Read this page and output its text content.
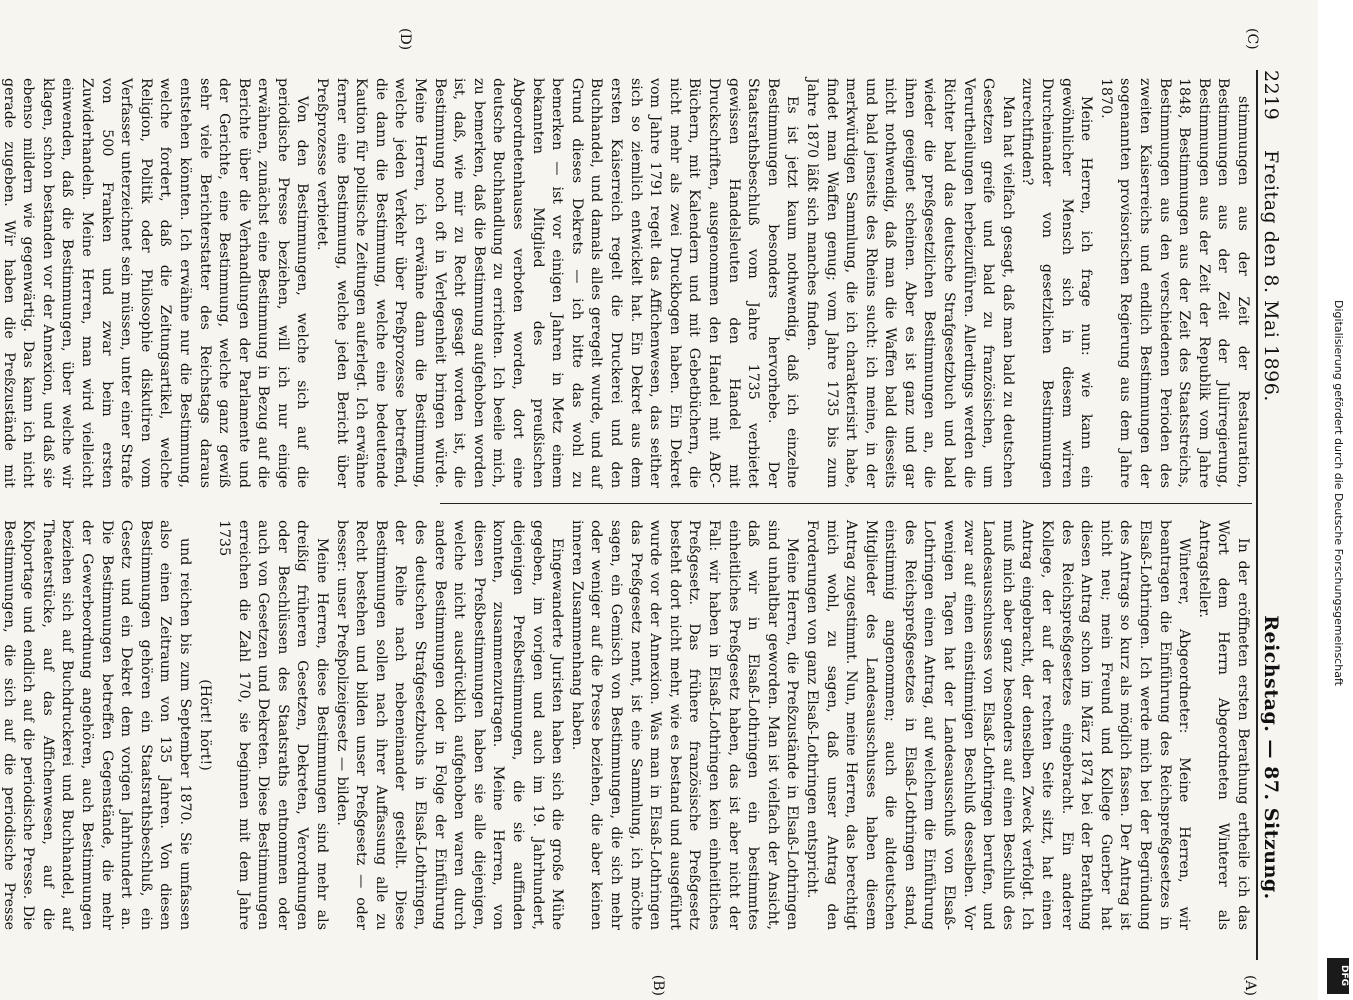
2219
Freitag den 8. Mai 1896.
Reichstag. — 87. Sitzung.
(C)
(D)
(A)
(B)

stimmungen aus der Zeit der Restauration, Bestimmungen aus der Zeit der Julirregierung, Bestimmungen aus der Zeit der Republik vom Jahre 1848, Bestimmungen aus der Zeit des Staatsstreichs, Bestimmungen aus den verschiedenen Perioden des zweiten Kaiserreichs und endlich Bestimmungen der sogenannten provisorischen Regierung aus dem Jahre 1870.

Meine Herren, ich frage nun: wie kann ein gewöhnlicher Mensch sich in diesem wirren Durcheinander von gesetzlichen Bestimmungen zurechtfinden?

Man hat vielfach gesagt, daß man bald zu deutschen Gesetzen greife und bald zu französischen, um Verurtheilungen herbeizuführen. Allerdings werden die Richter bald das deutsche Strafgesetzbuch und bald wieder die preßgesetzlichen Bestimmungen an, die ihnen geeignet scheinen. Aber es ist ganz und gar nicht nothwendig, daß man die Waffen bald diesseits und bald jenseits des Rheins sucht: ich meine, in der merkwürdigen Sammlung, die ich charakterisirt habe, findet man Waffen genug; vom Jahre 1735 bis zum Jahre 1870 läßt sich manches finden.

Es ist jetzt kaum nothwendig, daß ich einzelne Bestimmungen besonders hervorhebe. Der Staatsrathsbeschluß vom Jahre 1735 verbietet gewissen Handelsleuten den Handel mit Druckschriften, ausgenommen den Handel mit ABC-Büchern, mit Kalendern und mit Gebetbüchern, die nicht mehr als zwei Druckbogen haben. Ein Dekret vom Jahre 1791 regelt das Affichenwesen, das seither sich so ziemlich entwickelt hat. Ein Dekret aus dem ersten Kaiserreich regelt die Druckerei und den Buchhandel, und damals alles geregelt wurde, und auf Grund dieses Dekrets — ich bitte das wohl zu bemerken — ist vor einigen Jahren in Metz einem bekannten Mitglied des preußischen Abgeordnetenhauses verboten worden, dort eine deutsche Buchhandlung zu errichten. Ich beeile mich, zu bemerken, daß die Bestimmung aufgehoben worden ist, daß, wie mir zu Recht gesagt worden ist, die Bestimmung noch oft in Verlegenheit bringen würde. Meine Herren, ich erwähne dann die Bestimmung, welche jeden Verkehr über Preßprozesse betreffend, die dann die Bestimmung, welche eine bedeutende Kaution für politische Zeitungen auferlegt. Ich erwähne ferner eine Bestimmung, welche jeden Bericht über Preßprozesse verbietet.

Von den Bestimmungen, welche sich auf die periodische Presse beziehen, will ich nur einige erwähnen, zunächst eine Bestimmung in Bezug auf die Berichte über die Verhandlungen der Parlamente und der Gerichte, eine Bestimmung, welche ganz gewiß sehr viele Berichterstatter des Reichstags daraus entstehen könnten. Ich erwähne nur die Bestimmung, welche fordert, daß die Zeitungsartikel, welche Religion, Politik oder Philosophie diskutiren vom Verfasser unterzeichnet sein müssen, unter einer Strafe von 500 Franken und zwar beim ersten Zuwiderhandeln. Meine Herren, man wird vielleicht einwenden, daß die Bestimmungen, über welche wir klagen, schon bestanden vor der Annexion, und daß sie ebenso mildern wie gegenwärtig. Das kann ich nicht gerade zugeben. Wir haben die Preßzustände mit

In der eröffneten ersten Berathung ertheile ich das Wort dem Herrn Abgeordneten Winterer als Antragsteller.

Winterer, Abgeordneter: Meine Herren, wir beantragen die Einführung des Reichspreßgesetzes in Elsaß-Lothringen. Ich werde mich bei der Begründung des Antrags so kurz als möglich fassen. Der Antrag ist nicht neu; mein Freund und Kollege Guerber hat diesen Antrag schon im März 1874 bei der Berathung des Reichspreßgesetzes eingebracht. Ein anderer Kollege, der auf der rechten Seite sitzt, hat einen Antrag eingebracht, der denselben Zweck verfolgt. Ich muß mich aber ganz besonders auf einen Beschluß des Landesausschusses von Elsaß-Lothringen berufen, und zwar auf einen einstimmigen Beschluß desselben. Vor wenigen Tagen hat der Landesausschuß von Elsaß-Lothringen einen Antrag, auf welchem die Einführung des Reichspreßgesetzes in Elsaß-Lothringen stand, einstimmig angenommen; auch die altdeutschen Mitglieder des Landesausschusses haben diesem Antrag zugestimmt. Nun, meine Herren, das berechtigt mich wohl, zu sagen, daß unser Antrag den Forderungen von ganz Elsaß-Lothringen entspricht.

Meine Herren, die Preßzustände in Elsaß-Lothringen sind unhaltbar geworden. Man ist vielfach der Ansicht, daß wir in Elsaß-Lothringen ein bestimmtes einheitliches Preßgesetz haben, das ist aber nicht der Fall: wir haben in Elsaß-Lothringen kein einheitliches Preßgesetz. Das frühere französische Preßgesetz besteht dort nicht mehr, wie es bestand und ausgeführt wurde vor der Annexion. Was man in Elsaß-Lothringen das Preßgesetz nennt, ist eine Sammlung, ich möchte sagen, ein Gemisch von Bestimmungen, die sich mehr oder weniger auf die Presse beziehen, die aber keinen inneren Zusammenhang haben.

Eingewanderte Juristen haben sich die große Mühe gegeben, im vorigen und auch im 19. Jahrhundert, diejenigen Preßbestimmungen, die sie auffinden konnten, zusammenzutragen. Meine Herren, von diesen Preßbestimmungen haben sie alle diejenigen, welche nicht ausdrücklich aufgehoben waren durch andere Bestimmungen oder in Folge der Einführung des deutschen Strafgesetzbuchs in Elsaß-Lothringen, der Reihe nach nebeneinander gestellt. Diese Bestimmungen sollen nach ihrer Auffassung alle zu Recht bestehen und bilden unser Preßgesetz — oder besser: unser Preßpolizeigesetz — bilden.

Meine Herren, diese Bestimmungen sind mehr als dreißig früheren Gesetzen, Dekreten, Verordnungen oder Beschlüssen des Staatsraths entnommen oder auch von Gesetzen und Dekreten. Diese Bestimmungen erreichen die Zahl 170, sie beginnen mit dem Jahre 1735

(Hört! hört!)

und reichen bis zum September 1870. Sie umfassen also einen Zeitraum von 135 Jahren. Von diesen Bestimmungen gehören ein Staatsrathsbeschluß, ein Gesetz und ein Dekret dem vorigen Jahrhundert an. Die Bestimmungen betreffen Gegenstände, die mehr der Gewerbeordnung angehören, auch Bestimmungen beziehen sich auf Buchdruckerei und Buchhandel, auf Theaterstücke, auf das Affichenwesen, auf die Kolportage und endlich auf die periodische Presse. Die Bestimmungen, die sich auf die periodische Presse

Digitalisierung gefördert durch die Deutsche Forschungsgemeinschaft
DFG
